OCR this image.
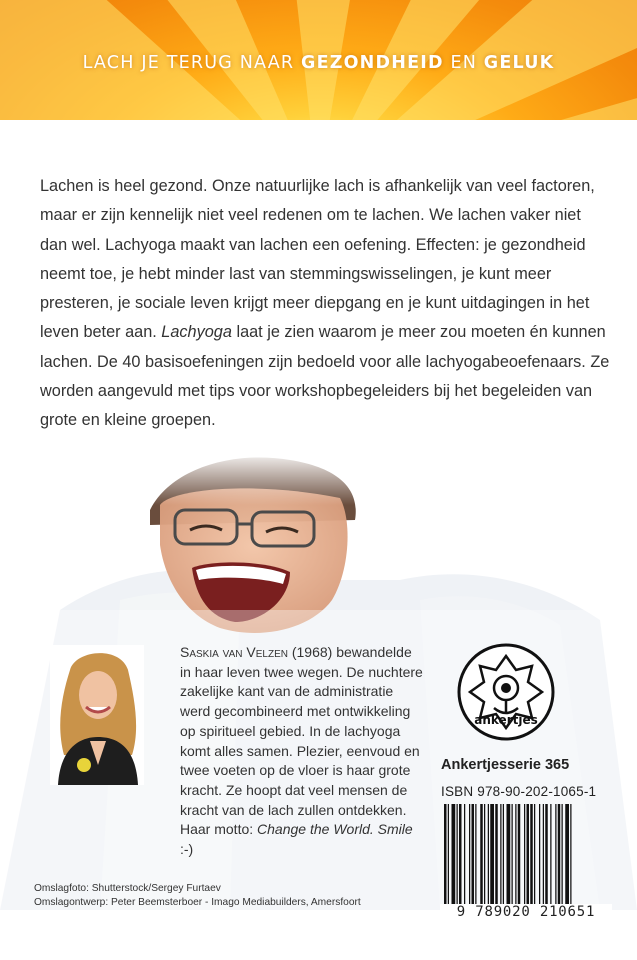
LACH JE TERUG NAAR GEZONDHEID EN GELUK

Lachen is heel gezond. Onze natuurlijke lach is afhankelijk van veel factoren, maar er zijn kennelijk niet veel redenen om te lachen. We lachen vaker niet dan wel. Lachyoga maakt van lachen een oefening. Effecten: je gezondheid neemt toe, je hebt minder last van stemmingswisselingen, je kunt meer presteren, je sociale leven krijgt meer diepgang en je kunt uitdagingen in het leven beter aan. Lachyoga laat je zien waarom je meer zou moeten én kunnen lachen. De 40 basisoefeningen zijn bedoeld voor alle lachyogabeoefenaars. Ze worden aangevuld met tips voor workshopbegeleiders bij het begeleiden van grote en kleine groepen.

Saskia van Velzen (1968) bewandelde in haar leven twee wegen. De nuchtere zakelijke kant van de administratie werd gecombineerd met ontwikkeling op spiritueel gebied. In de lachyoga komt alles samen. Plezier, eenvoud en twee voeten op de vloer is haar grote kracht. Ze hoopt dat veel mensen de kracht van de lach zullen ontdekken. Haar motto: Change the World. Smile :-)

ankertjes
Ankertjesserie 365
ISBN 978-90-202-1065-1
9 789020 210651
Omslagfoto: Shutterstock/Sergey Furtaev
Omslagontwerp: Peter Beemsterboer - Imago Mediabuilders, Amersfoort
